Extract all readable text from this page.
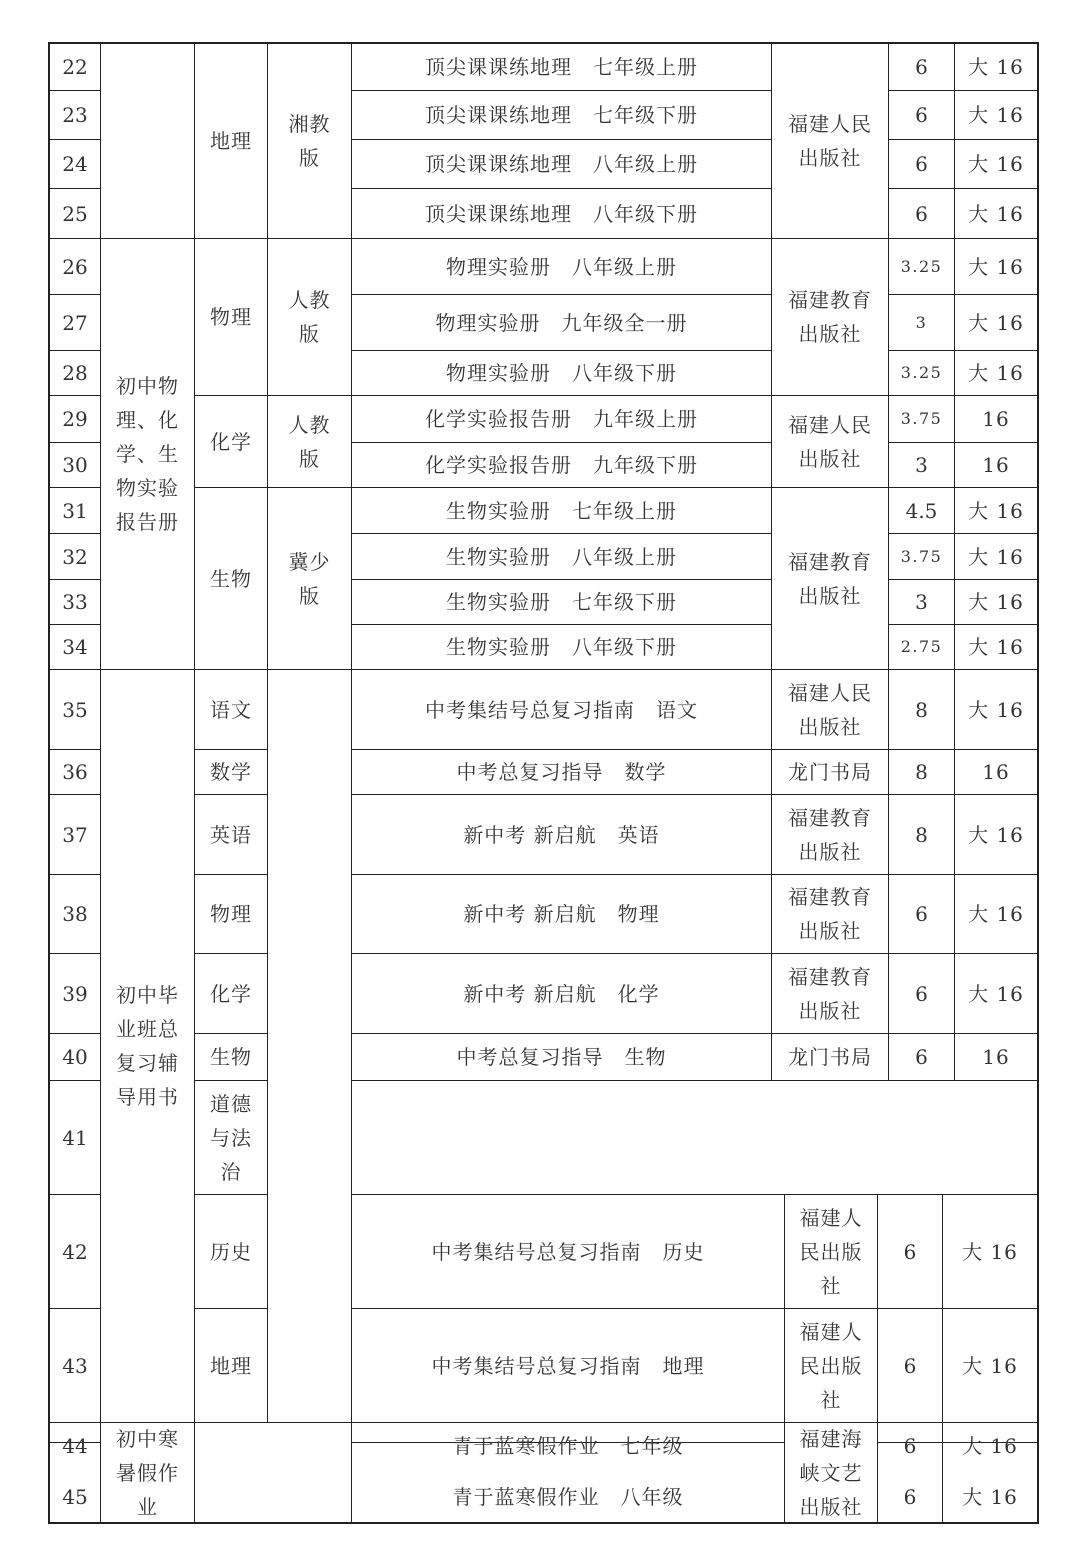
22
23
24
25
26
27
28
29
30
31
32
33
34
35
36
37
38
39
40
41
42
43
44
45
初中物
理、化
学、生
物实验
报告册
初中毕
业班总
复习辅
导用书
初中寒
暑假作
业
地理
物理
化学
生物
语文
数学
英语
物理
化学
生物
道德
与法
治
历史
地理
湘教
版
人教
版
人教
版
冀少
版
顶尖课课练地理　七年级上册
顶尖课课练地理　七年级下册
顶尖课课练地理　八年级上册
顶尖课课练地理　八年级下册
物理实验册　八年级上册
物理实验册　九年级全一册
物理实验册　八年级下册
化学实验报告册　九年级上册
化学实验报告册　九年级下册
生物实验册　七年级上册
生物实验册　八年级上册
生物实验册　七年级下册
生物实验册　八年级下册
中考集结号总复习指南　语文
中考总复习指导　数学
新中考 新启航　英语
新中考 新启航　物理
新中考 新启航　化学
中考总复习指导　生物
中考集结号总复习指南　历史
中考集结号总复习指南　地理
青于蓝寒假作业　七年级
青于蓝寒假作业　八年级
福建人民
出版社
福建教育
出版社
福建人民
出版社
福建教育
出版社
福建人民
出版社
龙门书局
福建教育
出版社
福建教育
出版社
福建教育
出版社
龙门书局
福建人
民出版
社
福建人
民出版
社
福建海
峡文艺
出版社
6
6
6
6
3.25
3
3.25
3.75
3
4.5
3.75
3
2.75
8
8
8
6
6
6
6
6
6
6
大 16
大 16
大 16
大 16
大 16
大 16
大 16
16
16
大 16
大 16
大 16
大 16
大 16
16
大 16
大 16
大 16
16
大 16
大 16
大 16
大 16
